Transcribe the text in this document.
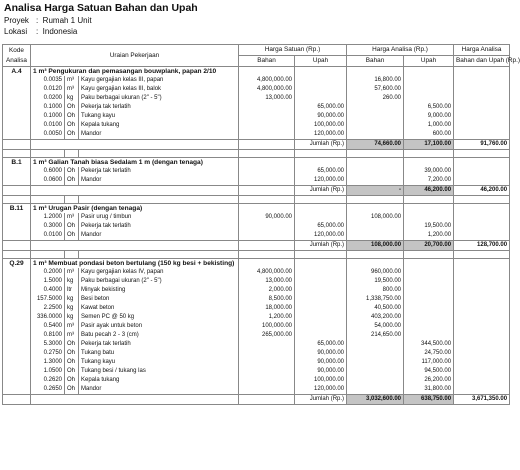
Analisa Harga Satuan Bahan dan Upah
Proyek :  Rumah 1 Unit
Lokasi :  Indonesia
Kode
Analisa	Uraian Pekerjaan			Harga Satuan (Rp.)		Harga Analisa (Rp.)		Harga Analisa
				Bahan	Upah	Bahan	Upah	Bahan dan Upah (Rp.)
A.4	1 m³ Pengukuran dan pemasangan bouwplank, papan 2/10							
	0.0035	m³	Kayu gergajian kelas III, papan	4,800,000.00		16,800.00		
	0.0120	m³	Kayu gergajian kelas III, balok	4,800,000.00		57,600.00		
	0.0200	kg	Paku berbagai ukuran (2" - 5")	13,000.00		260.00		
	0.1000	Oh	Pekerja tak terlatih		65,000.00		6,500.00	
	0.1000	Oh	Tukang kayu		90,000.00		9,000.00	
	0.0100	Oh	Kepala tukang		100,000.00		1,000.00	
	0.0050	Oh	Mandor		120,000.00		600.00	
					Jumlah (Rp.)	74,660.00	17,100.00	91,760.00

B.1	1 m³ Galian Tanah biasa Sedalam 1 m (dengan tenaga)							
	0.6000	Oh	Pekerja tak terlatih		65,000.00		39,000.00	
	0.0600	Oh	Mandor		120,000.00		7,200.00	
					Jumlah (Rp.)	-	46,200.00	46,200.00

B.11	1 m³ Urugan Pasir (dengan tenaga)							
	1.2000	m³	Pasir urug / timbun	90,000.00		108,000.00		
	0.3000	Oh	Pekerja tak terlatih		65,000.00		19,500.00	
	0.0100	Oh	Mandor		120,000.00		1,200.00	
					Jumlah (Rp.)	108,000.00	20,700.00	128,700.00

Q.29	1 m³ Membuat pondasi beton bertulang (150 kg besi + bekisting)							
	0.2000	m³	Kayu gergajian kelas IV, papan	4,800,000.00		960,000.00		
	1.5000	kg	Paku berbagai ukuran (2" - 5")	13,000.00		19,500.00		
	0.4000	ltr	Minyak bekisting	2,000.00		800.00		
	157.5000	kg	Besi beton	8,500.00		1,338,750.00		
	2.2500	kg	Kawat beton	18,000.00		40,500.00		
	336.0000	kg	Semen PC @ 50 kg	1,200.00		403,200.00		
	0.5400	m³	Pasir ayak untuk beton	100,000.00		54,000.00		
	0.8100	m³	Batu pecah 2 - 3 (cm)	265,000.00		214,650.00		
	5.3000	Oh	Pekerja tak terlatih		65,000.00		344,500.00	
	0.2750	Oh	Tukang batu		90,000.00		24,750.00	
	1.3000	Oh	Tukang kayu		90,000.00		117,000.00	
	1.0500	Oh	Tukang besi / tukang las		90,000.00		94,500.00	
	0.2620	Oh	Kepala tukang		100,000.00		26,200.00	
	0.2650	Oh	Mandor		120,000.00		31,800.00	
					Jumlah (Rp.)	3,032,600.00	638,750.00	3,671,350.00
